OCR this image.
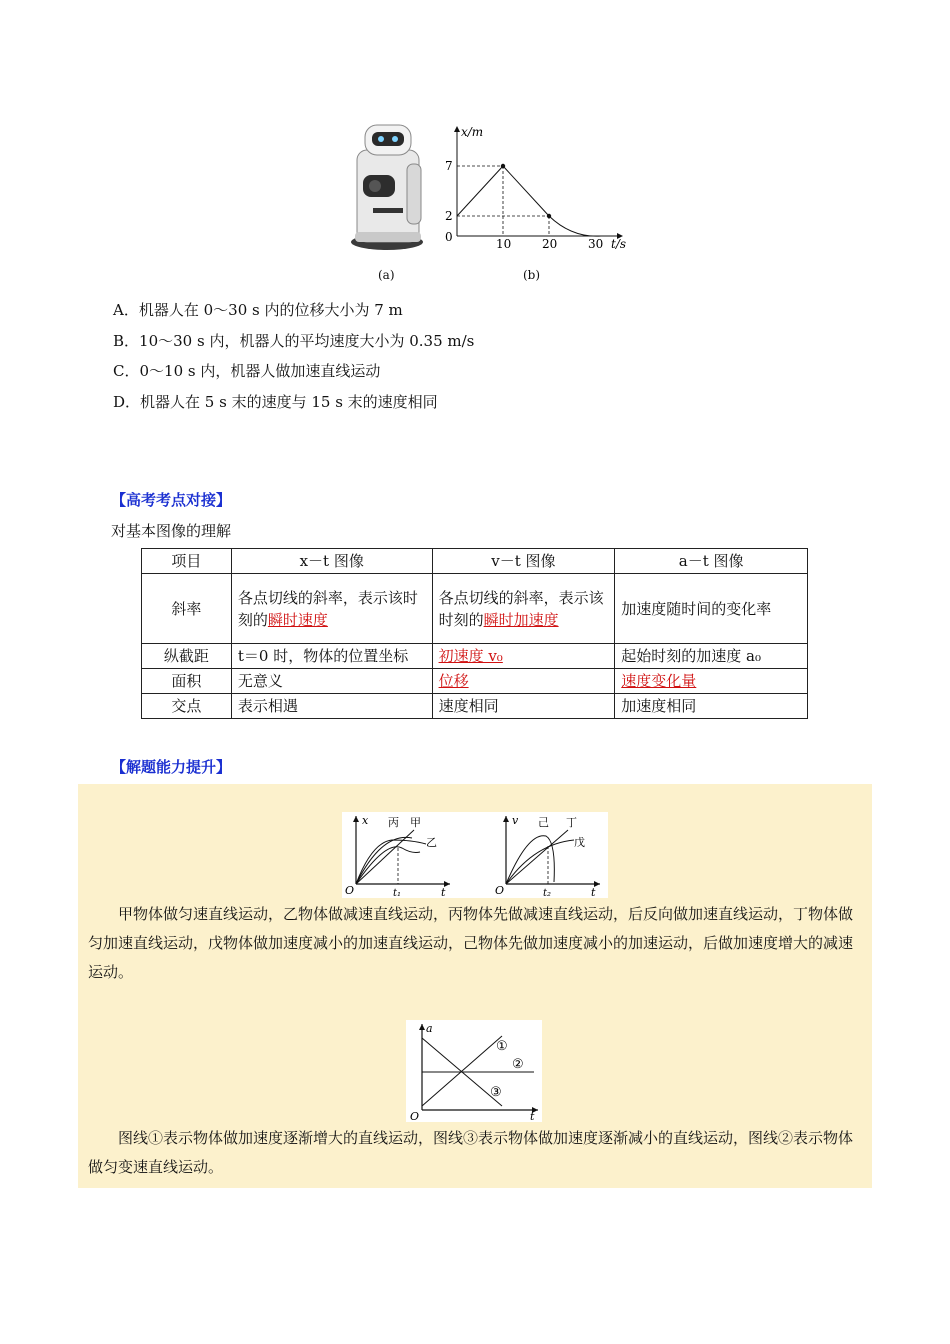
(a)	(b)
x/m
t/s
0	10	20	30
7
2
A．机器人在 0～30 s 内的位移大小为 7 m
B．10～30 s 内，机器人的平均速度大小为 0.35 m/s
C．0～10 s 内，机器人做加速直线运动
D．机器人在 5 s 末的速度与 15 s 末的速度相同
【高考考点对接】
对基本图像的理解
项目	x－t 图像	v－t 图像	a－t 图像
斜率	各点切线的斜率，表示该时刻的瞬时速度	各点切线的斜率，表示该时刻的瞬时加速度	加速度随时间的变化率
纵截距	t＝0 时，物体的位置坐标	初速度 v₀	起始时刻的加速度 a₀
面积	无意义	位移	速度变化量
交点	表示相遇	速度相同	加速度相同
【解题能力提升】
O
x
t
t₁
丙 甲
乙
O
v
t
t₂
己 丁
戊
甲物体做匀速直线运动，乙物体做减速直线运动，丙物体先做减速直线运动，后反向做加速直线运动，丁物体做匀加速直线运动，戊物体做加速度减小的加速直线运动，己物体先做加速度减小的加速运动，后做加速度增大的减速运动。
O
a
t
①
②
③
图线①表示物体做加速度逐渐增大的直线运动，图线③表示物体做加速度逐渐减小的直线运动，图线②表示物体做匀变速直线运动。
